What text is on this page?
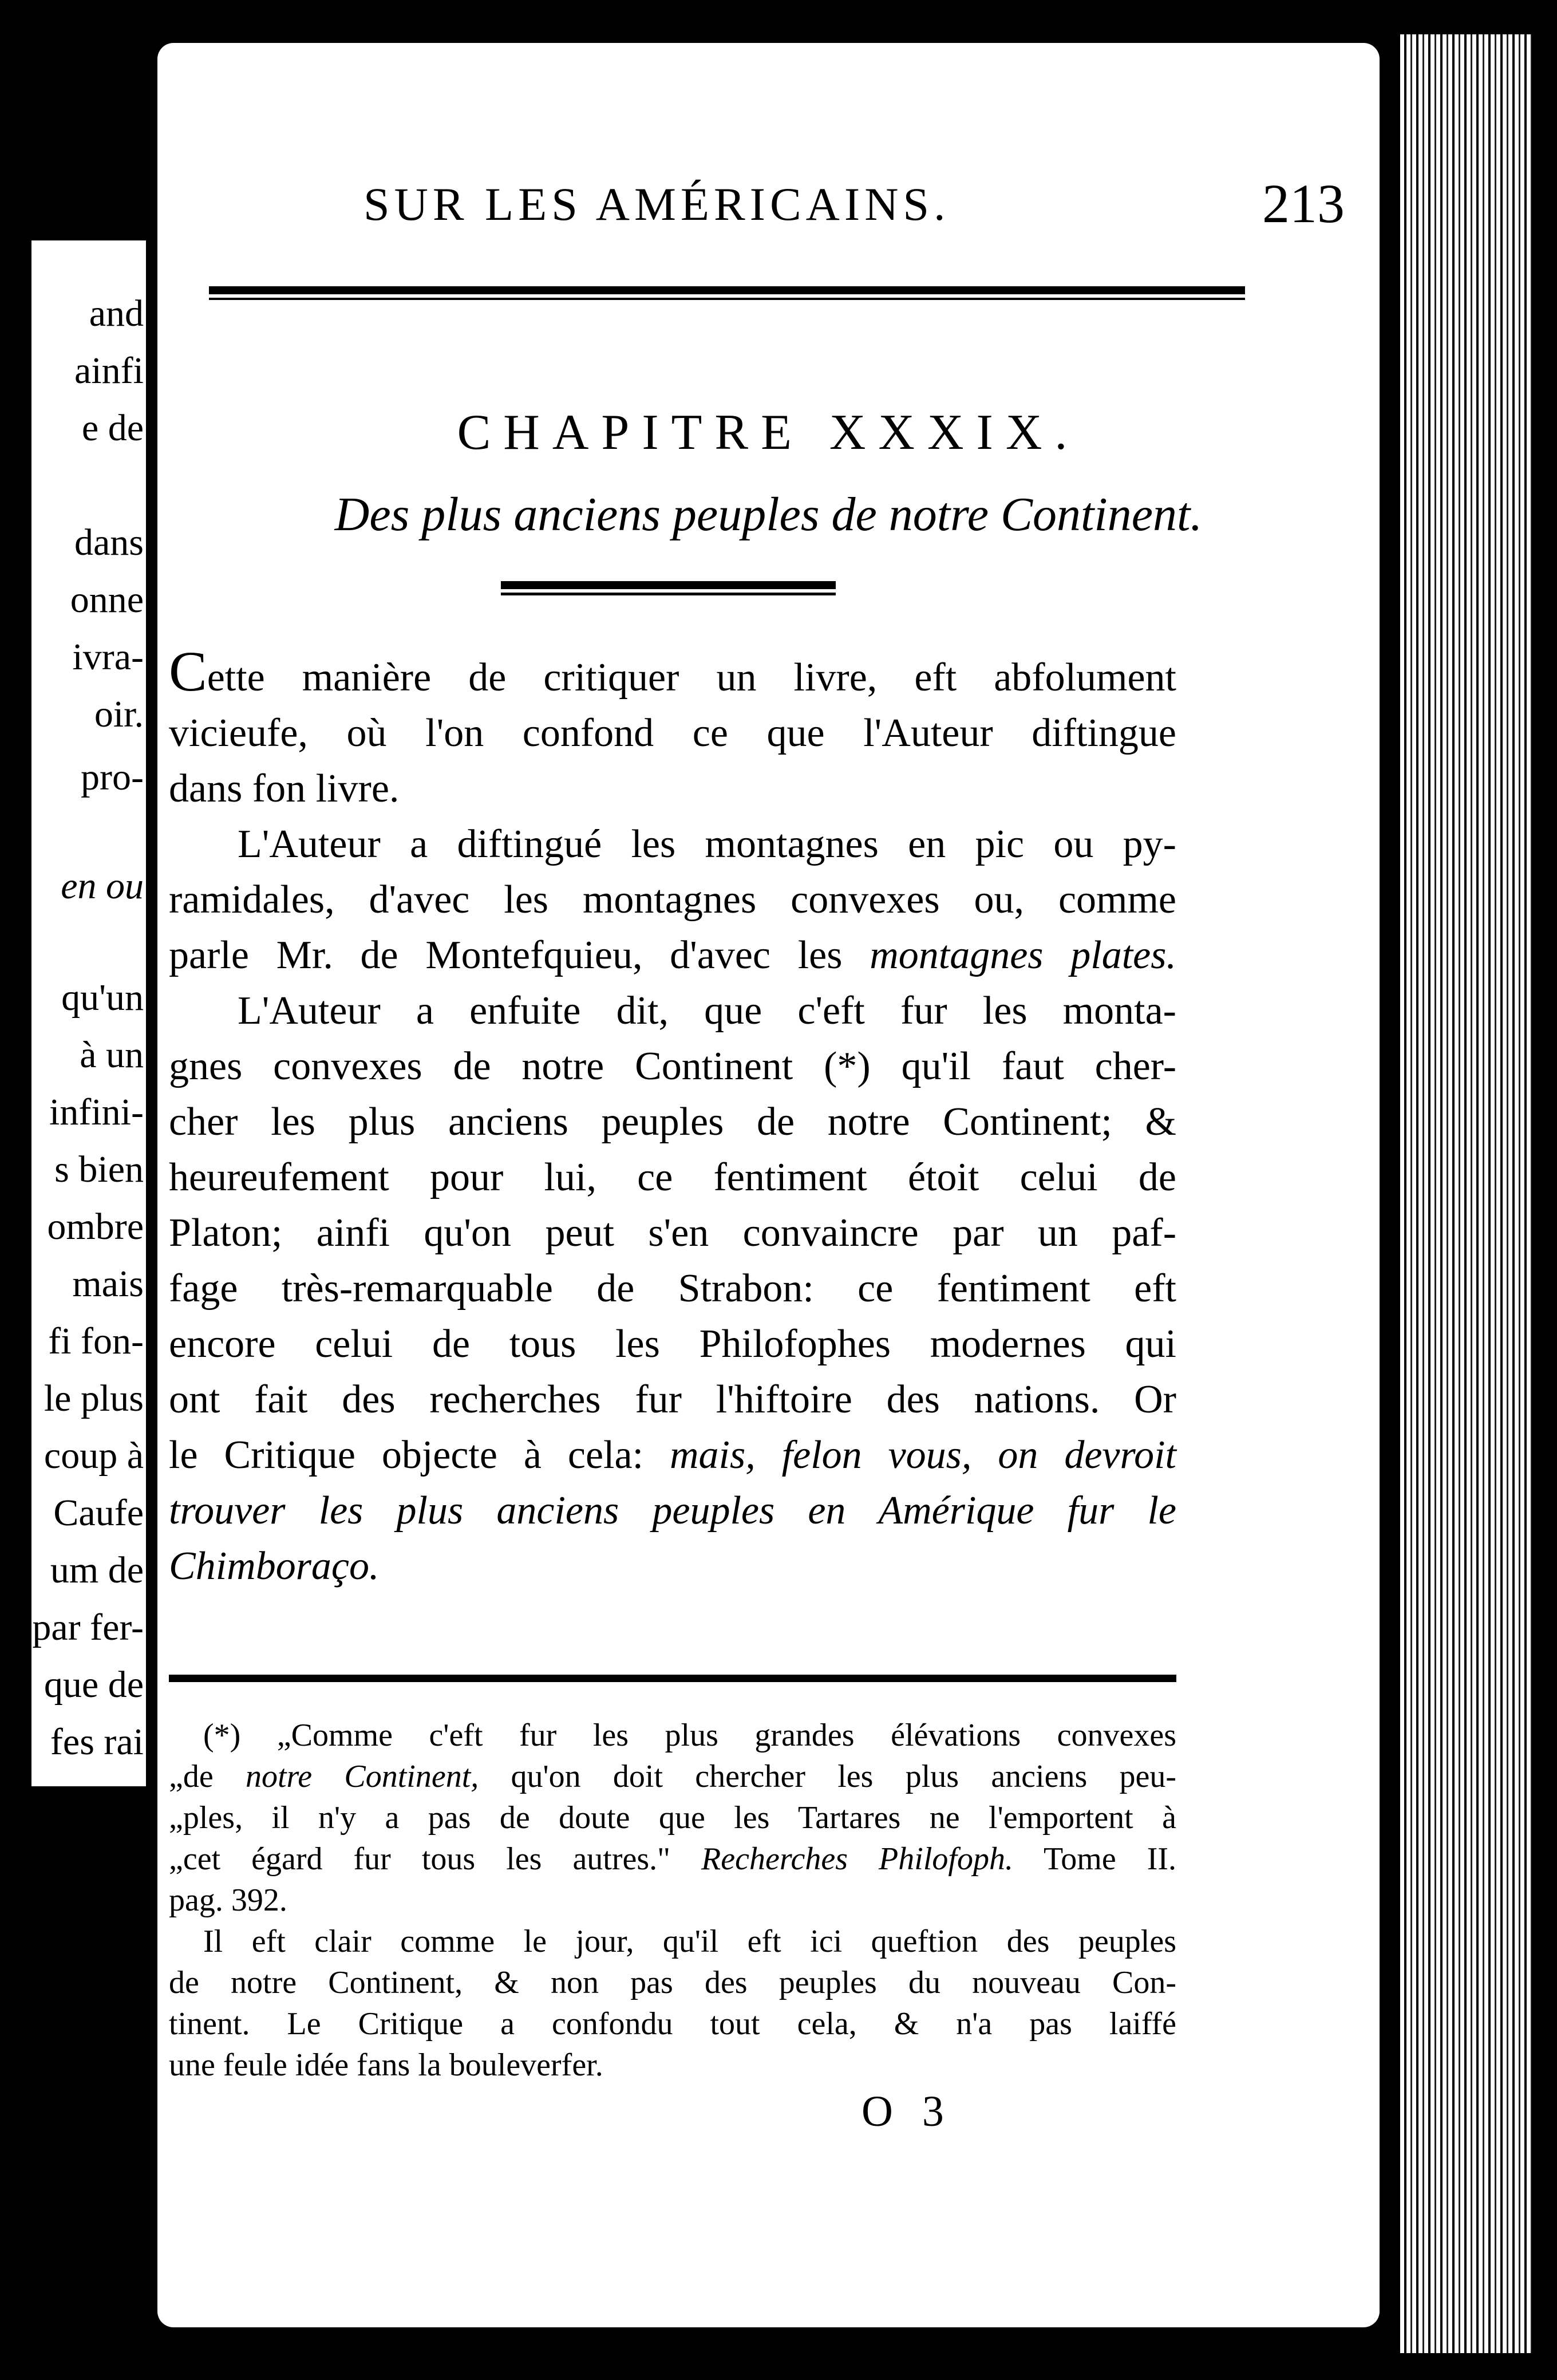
and
ainfi
e de
dans
onne
ivra-
oir.
pro-
en ou
qu'un
à un
infini-
s bien
ombre
mais
fi fon-
le plus
coup à
Caufe
um de
par fer-
que de
fes rai
SUR LES AMÉRICAINS.	213
CHAPITRE XXXIX.
Des plus anciens peuples de notre Continent.
Cette manière de critiquer un livre, eft abfolument
vicieufe, où l'on confond ce que l'Auteur diftingue
dans fon livre.
L'Auteur a diftingué les montagnes en pic ou py-
ramidales, d'avec les montagnes convexes ou, comme
parle Mr. de Montefquieu, d'avec les montagnes plates.
L'Auteur a enfuite dit, que c'eft fur les monta-
gnes convexes de notre Continent (*) qu'il faut cher-
cher les plus anciens peuples de notre Continent; &
heureufement pour lui, ce fentiment étoit celui de
Platon; ainfi qu'on peut s'en convaincre par un paf-
fage très-remarquable de Strabon: ce fentiment eft
encore celui de tous les Philofophes modernes qui
ont fait des recherches fur l'hiftoire des nations. Or
le Critique objecte à cela: mais, felon vous, on devroit
trouver les plus anciens peuples en Amérique fur le
Chimboraço.
(*) „Comme c'eft fur les plus grandes élévations convexes
„de notre Continent, qu'on doit chercher les plus anciens peu-
„ples, il n'y a pas de doute que les Tartares ne l'emportent à
„cet égard fur tous les autres." Recherches Philofoph. Tome II.
pag. 392.
Il eft clair comme le jour, qu'il eft ici queftion des peuples
de notre Continent, & non pas des peuples du nouveau Con-
tinent. Le Critique a confondu tout cela, & n'a pas laiffé
une feule idée fans la bouleverfer.
O 3
